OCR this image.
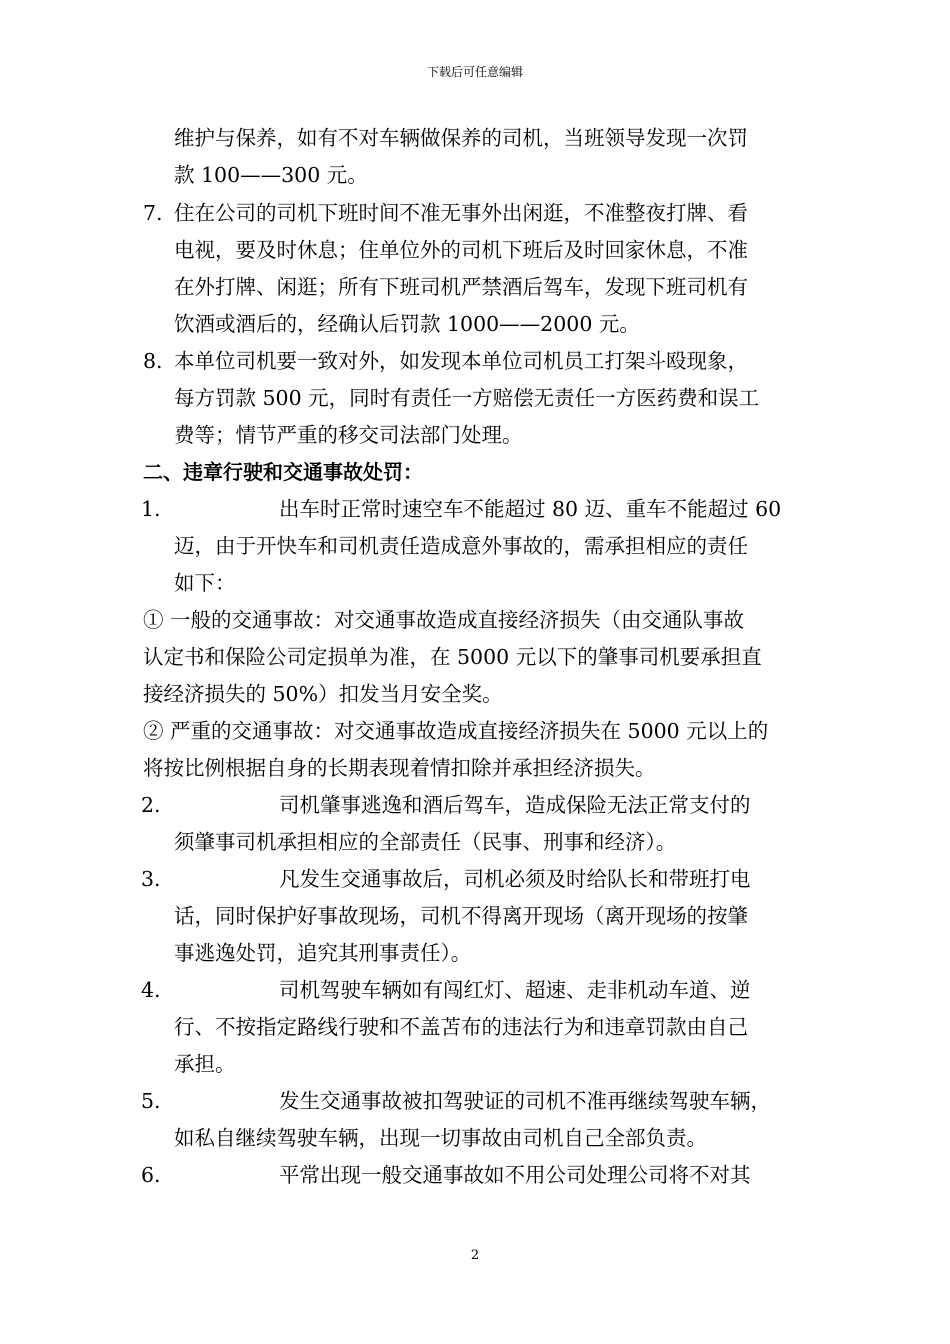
下载后可任意编辑
维护与保养，如有不对车辆做保养的司机，当班领导发现一次罚
款 100——300 元。
7. 住在公司的司机下班时间不准无事外出闲逛，不准整夜打牌、看
电视，要及时休息；住单位外的司机下班后及时回家休息，不准
在外打牌、闲逛；所有下班司机严禁酒后驾车，发现下班司机有
饮酒或酒后的，经确认后罚款 1000——2000 元。
8. 本单位司机要一致对外，如发现本单位司机员工打架斗殴现象，
每方罚款 500 元，同时有责任一方赔偿无责任一方医药费和误工
费等；情节严重的移交司法部门处理。
二、违章行驶和交通事故处罚：
1.	出车时正常时速空车不能超过 80 迈、重车不能超过 60
迈，由于开快车和司机责任造成意外事故的，需承担相应的责任
如下：
① 一般的交通事故：对交通事故造成直接经济损失（由交通队事故
认定书和保险公司定损单为准，在 5000 元以下的肇事司机要承担直
接经济损失的 50%）扣发当月安全奖。
② 严重的交通事故：对交通事故造成直接经济损失在 5000 元以上的
将按比例根据自身的长期表现着情扣除并承担经济损失。
2.	司机肇事逃逸和酒后驾车，造成保险无法正常支付的
须肇事司机承担相应的全部责任（民事、刑事和经济）。
3.	凡发生交通事故后，司机必须及时给队长和带班打电
话，同时保护好事故现场，司机不得离开现场（离开现场的按肇
事逃逸处罚，追究其刑事责任）。
4.	司机驾驶车辆如有闯红灯、超速、走非机动车道、逆
行、不按指定路线行驶和不盖苫布的违法行为和违章罚款由自己
承担。
5.	发生交通事故被扣驾驶证的司机不准再继续驾驶车辆，
如私自继续驾驶车辆，出现一切事故由司机自己全部负责。
6.	平常出现一般交通事故如不用公司处理公司将不对其
2
